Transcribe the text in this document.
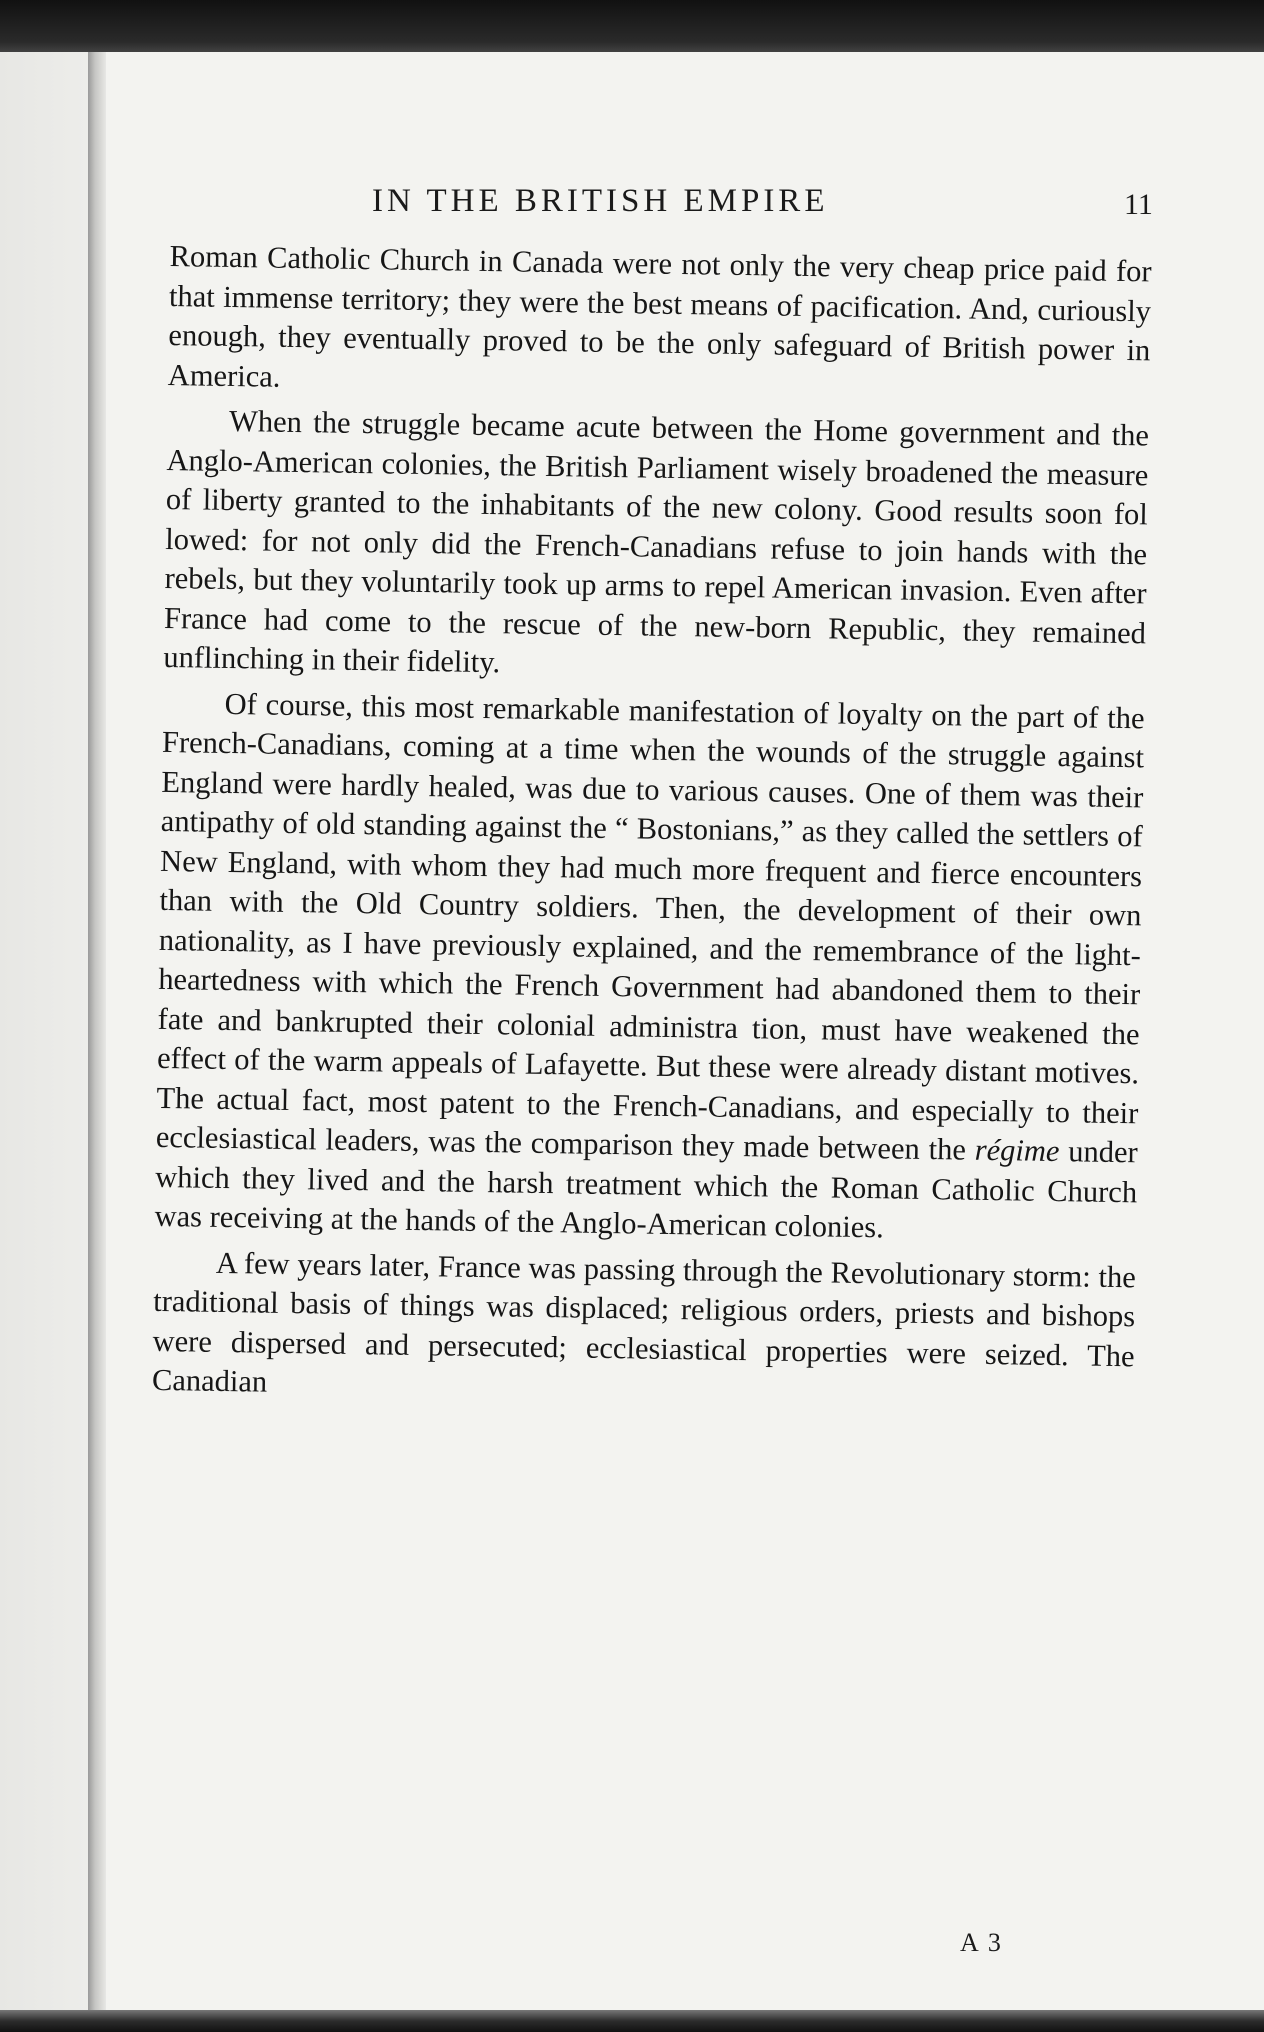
IN THE BRITISH EMPIRE	11

Roman Catholic Church in Canada were not only the very cheap price paid for that immense territory; they were the best means of pacification. And, curiously enough, they eventually proved to be the only safeguard of British power in America.

When the struggle became acute between the Home government and the Anglo-American colonies, the British Parliament wisely broadened the measure of liberty granted to the inhabitants of the new colony. Good results soon fol lowed: for not only did the French-Canadians refuse to join hands with the rebels, but they voluntarily took up arms to repel American invasion. Even after France had come to the rescue of the new-born Republic, they remained unflinching in their fidelity.

Of course, this most remarkable manifestation of loyalty on the part of the French-Canadians, coming at a time when the wounds of the struggle against England were hardly healed, was due to various causes. One of them was their antipathy of old standing against the “ Bostonians,” as they called the settlers of New England, with whom they had much more frequent and fierce encounters than with the Old Country soldiers. Then, the development of their own nationality, as I have previously explained, and the remembrance of the light-heartedness with which the French Government had abandoned them to their fate and bankrupted their colonial administra tion, must have weakened the effect of the warm appeals of Lafayette. But these were already distant motives. The actual fact, most patent to the French-Canadians, and especially to their ecclesiastical leaders, was the comparison they made between the régime under which they lived and the harsh treatment which the Roman Catholic Church was receiving at the hands of the Anglo-American colonies.

A few years later, France was passing through the Revolutionary storm: the traditional basis of things was displaced; religious orders, priests and bishops were dispersed and persecuted; ecclesiastical properties were seized. The Canadian

A 3
